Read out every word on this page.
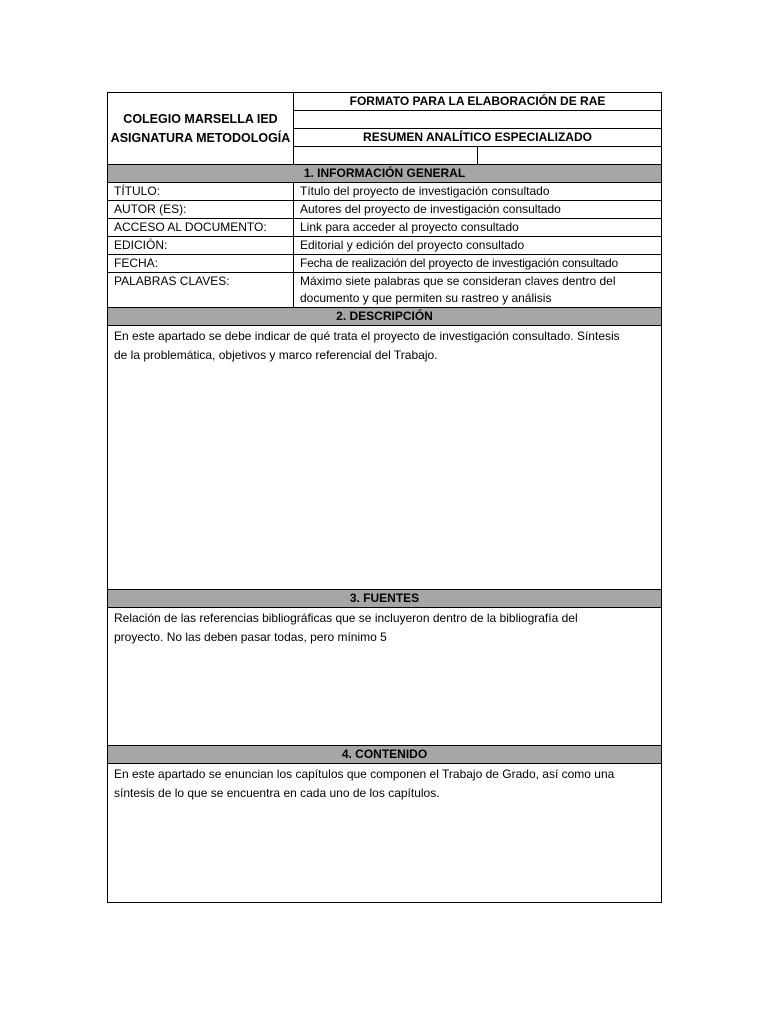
COLEGIO MARSELLA IED
ASIGNATURA METODOLOGÍA	FORMATO PARA LA ELABORACIÓN DE RAE	

	RESUMEN ANALÍTICO ESPECIALIZADO	

1. INFORMACIÓN GENERAL		
TÍTULO:	Título del proyecto de investigación consultado	
AUTOR (ES):	Autores del proyecto de investigación consultado	
ACCESO AL DOCUMENTO:	Link para acceder al proyecto consultado	
EDICIÓN:	Editorial y edición del proyecto consultado	
FECHA:	Fecha de realización del proyecto de investigación consultado	
PALABRAS CLAVES:	Máximo siete palabras que se consideran claves dentro del
documento y que permiten su rastreo y análisis	

2. DESCRIPCIÓN		

En este apartado se debe indicar de qué trata el proyecto de investigación consultado. Síntesis
de la problemática, objetivos y marco referencial del Trabajo.		

3. FUENTES		

Relación de las referencias bibliográficas que se incluyeron dentro de la bibliografía del
proyecto. No las deben pasar todas, pero mínimo 5		

4. CONTENIDO		

En este apartado se enuncian los capítulos que componen el Trabajo de Grado, así como una
síntesis de lo que se encuentra en cada uno de los capítulos.		
